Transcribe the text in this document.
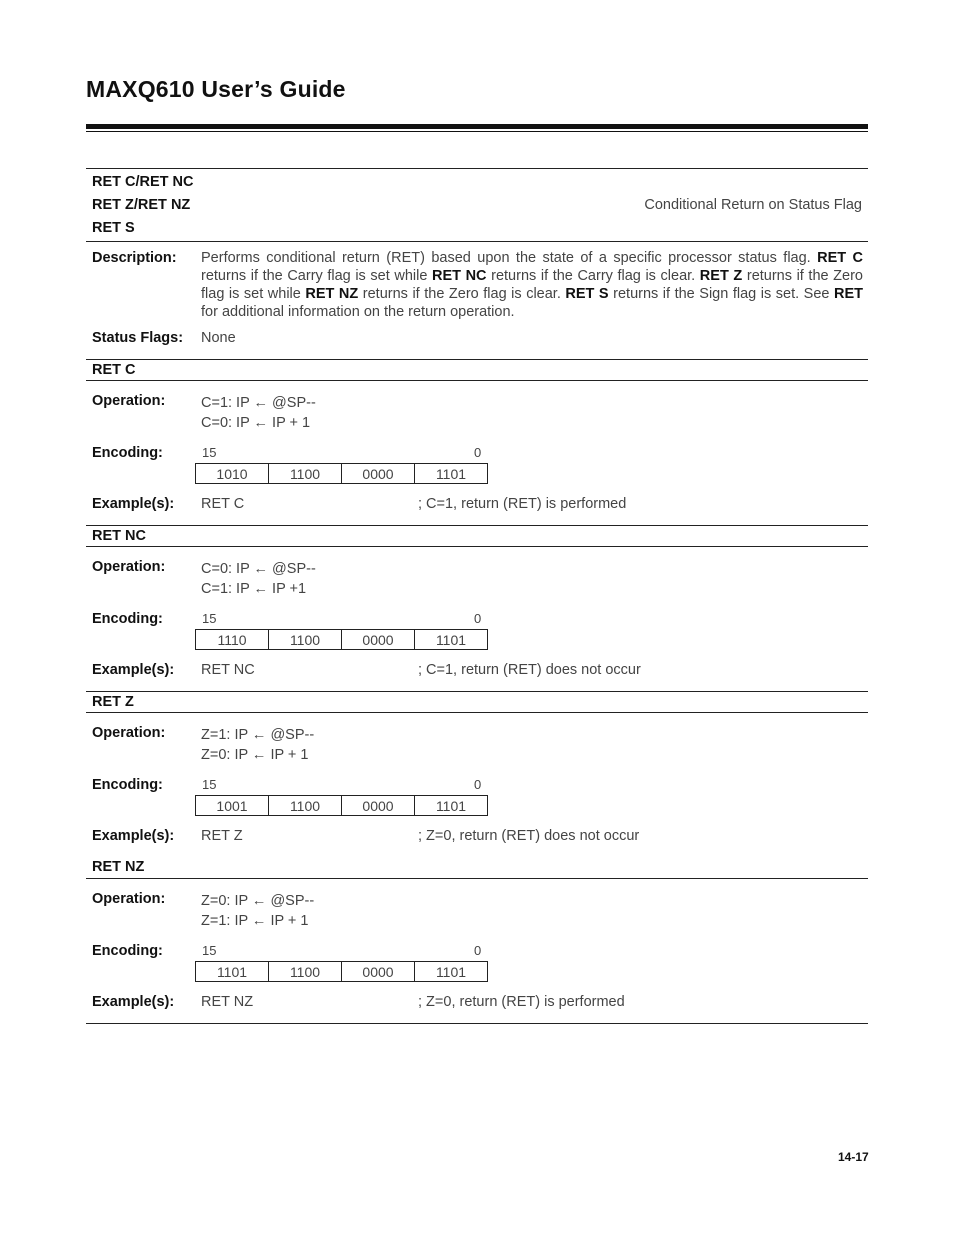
MAXQ610 User’s Guide
RET C/RET NC
RET Z/RET NZ
RET S
Conditional Return on Status Flag
Description: Performs conditional return (RET) based upon the state of a specific processor status flag. RET C returns if the Carry flag is set while RET NC returns if the Carry flag is clear. RET Z returns if the Zero flag is set while RET NZ returns if the Zero flag is clear. RET S returns if the Sign flag is set. See RET for additional information on the return operation.
Status Flags: None
RET C
Operation: C=1: IP ← @SP--
C=0: IP ← IP + 1
Encoding:	15	0
1010	1100	0000	1101
Example(s): RET C	; C=1, return (RET) is performed
RET NC
Operation: C=0: IP ← @SP--
C=1: IP ← IP +1
Encoding:	15	0
1110	1100	0000	1101
Example(s): RET NC	; C=1, return (RET) does not occur
RET Z
Operation: Z=1: IP ← @SP--
Z=0: IP ← IP + 1
Encoding:	15	0
1001	1100	0000	1101
Example(s): RET Z	; Z=0, return (RET) does not occur
RET NZ
Operation: Z=0: IP ← @SP--
Z=1: IP ← IP + 1
Encoding:	15	0
1101	1100	0000	1101
Example(s): RET NZ	; Z=0, return (RET) is performed
14-17
